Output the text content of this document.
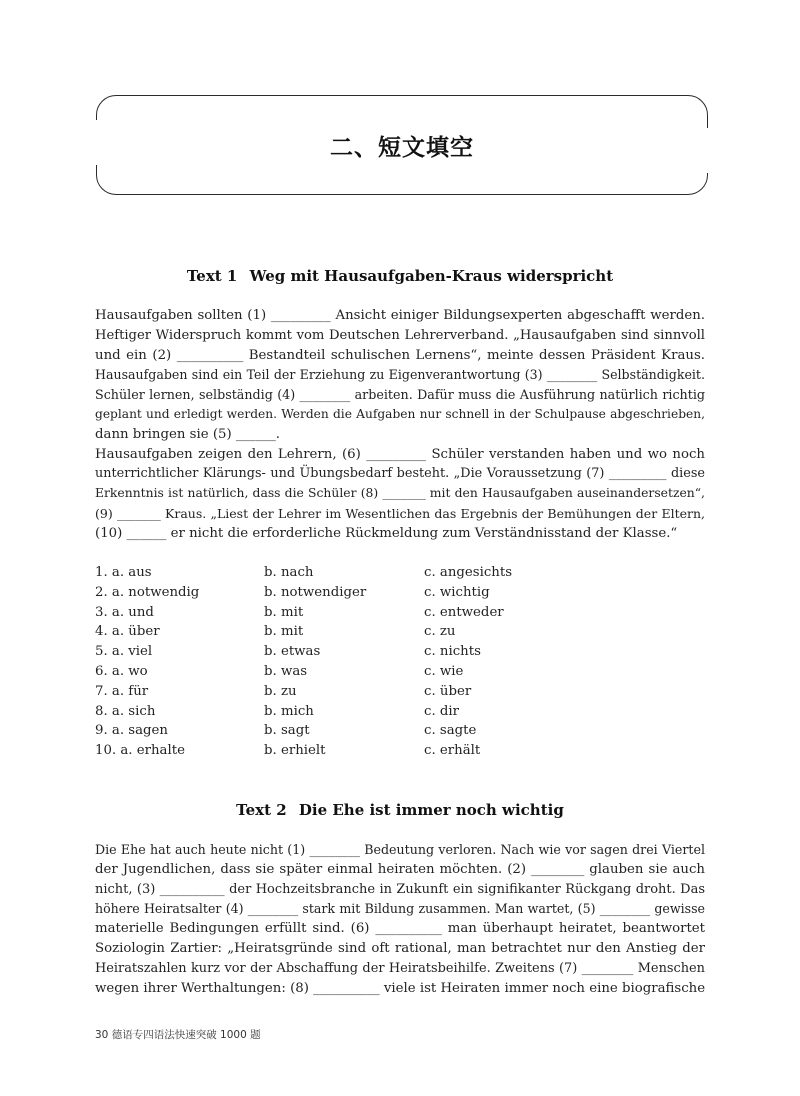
二、短文填空
Text 1 Weg mit Hausaufgaben-Kraus widerspricht
Hausaufgaben sollten (1) _________ Ansicht einiger Bildungsexperten abgeschafft werden.
Heftiger Widerspruch kommt vom Deutschen Lehrerverband. „Hausaufgaben sind sinnvoll
und ein (2) __________ Bestandteil schulischen Lernens“, meinte dessen Präsident Kraus.
Hausaufgaben sind ein Teil der Erziehung zu Eigenverantwortung (3) ________ Selbständigkeit.
Schüler lernen, selbständig (4) ________ arbeiten. Dafür muss die Ausführung natürlich richtig
geplant und erledigt werden. Werden die Aufgaben nur schnell in der Schulpause abgeschrieben,
dann bringen sie (5) ______.
Hausaufgaben zeigen den Lehrern, (6) _________ Schüler verstanden haben und wo noch
unterrichtlicher Klärungs- und Übungsbedarf besteht. „Die Voraussetzung (7) _________ diese
Erkenntnis ist natürlich, dass die Schüler (8) _______ mit den Hausaufgaben auseinandersetzen“,
(9) _______ Kraus. „Liest der Lehrer im Wesentlichen das Ergebnis der Bemühungen der Eltern,
(10) ______ er nicht die erforderliche Rückmeldung zum Verständnisstand der Klasse.“
1. a. aus	b. nach	c. angesichts
2. a. notwendig	b. notwendiger	c. wichtig
3. a. und	b. mit	c. entweder
4. a. über	b. mit	c. zu
5. a. viel	b. etwas	c. nichts
6. a. wo	b. was	c. wie
7. a. für	b. zu	c. über
8. a. sich	b. mich	c. dir
9. a. sagen	b. sagt	c. sagte
10. a. erhalte	b. erhielt	c. erhält
Text 2 Die Ehe ist immer noch wichtig
Die Ehe hat auch heute nicht (1) ________ Bedeutung verloren. Nach wie vor sagen drei Viertel
der Jugendlichen, dass sie später einmal heiraten möchten. (2) ________ glauben sie auch
nicht, (3) __________ der Hochzeitsbranche in Zukunft ein signifikanter Rückgang droht. Das
höhere Heiratsalter (4) ________ stark mit Bildung zusammen. Man wartet, (5) ________ gewisse
materielle Bedingungen erfüllt sind. (6) __________ man überhaupt heiratet, beantwortet
Soziologin Zartier: „Heiratsgründe sind oft rational, man betrachtet nur den Anstieg der
Heiratszahlen kurz vor der Abschaffung der Heiratsbeihilfe. Zweitens (7) ________ Menschen
wegen ihrer Werthaltungen: (8) __________ viele ist Heiraten immer noch eine biografische
30 德语专四语法快速突破 1000 题
